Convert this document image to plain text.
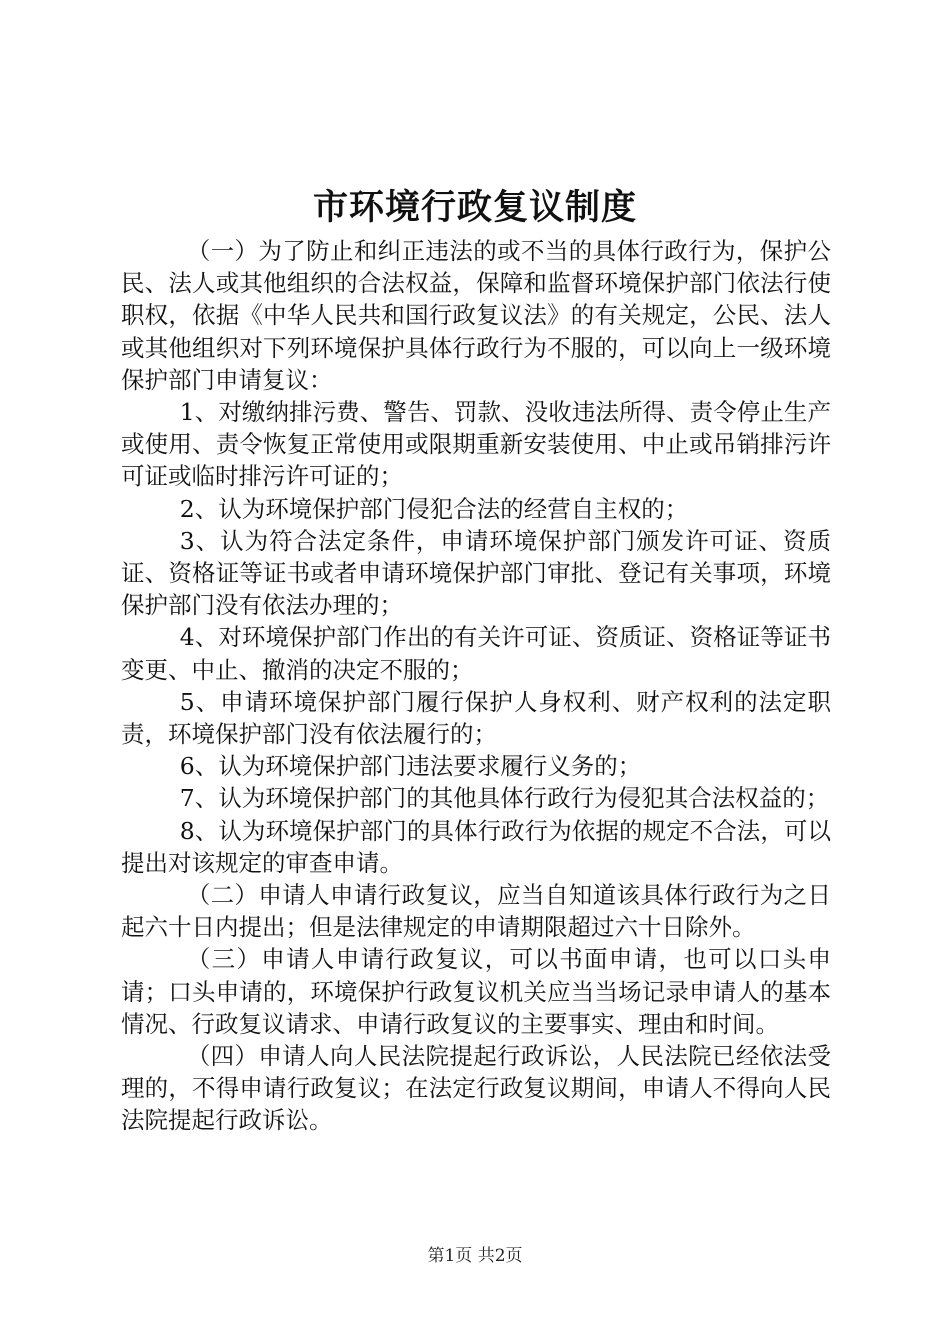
市环境行政复议制度

（一）为了防止和纠正违法的或不当的具体行政行为，保护公民、法人或其他组织的合法权益，保障和监督环境保护部门依法行使职权，依据《中华人民共和国行政复议法》的有关规定，公民、法人或其他组织对下列环境保护具体行政行为不服的，可以向上一级环境保护部门申请复议：

1、对缴纳排污费、警告、罚款、没收违法所得、责令停止生产或使用、责令恢复正常使用或限期重新安装使用、中止或吊销排污许可证或临时排污许可证的；

2、认为环境保护部门侵犯合法的经营自主权的；

3、认为符合法定条件，申请环境保护部门颁发许可证、资质证、资格证等证书或者申请环境保护部门审批、登记有关事项，环境保护部门没有依法办理的；

4、对环境保护部门作出的有关许可证、资质证、资格证等证书变更、中止、撤消的决定不服的；

5、申请环境保护部门履行保护人身权利、财产权利的法定职责，环境保护部门没有依法履行的；

6、认为环境保护部门违法要求履行义务的；

7、认为环境保护部门的其他具体行政行为侵犯其合法权益的；

8、认为环境保护部门的具体行政行为依据的规定不合法，可以提出对该规定的审查申请。

（二）申请人申请行政复议，应当自知道该具体行政行为之日起六十日内提出；但是法律规定的申请期限超过六十日除外。

（三）申请人申请行政复议，可以书面申请，也可以口头申请；口头申请的，环境保护行政复议机关应当当场记录申请人的基本情况、行政复议请求、申请行政复议的主要事实、理由和时间。

（四）申请人向人民法院提起行政诉讼，人民法院已经依法受理的，不得申请行政复议；在法定行政复议期间，申请人不得向人民法院提起行政诉讼。

第1页 共2页
